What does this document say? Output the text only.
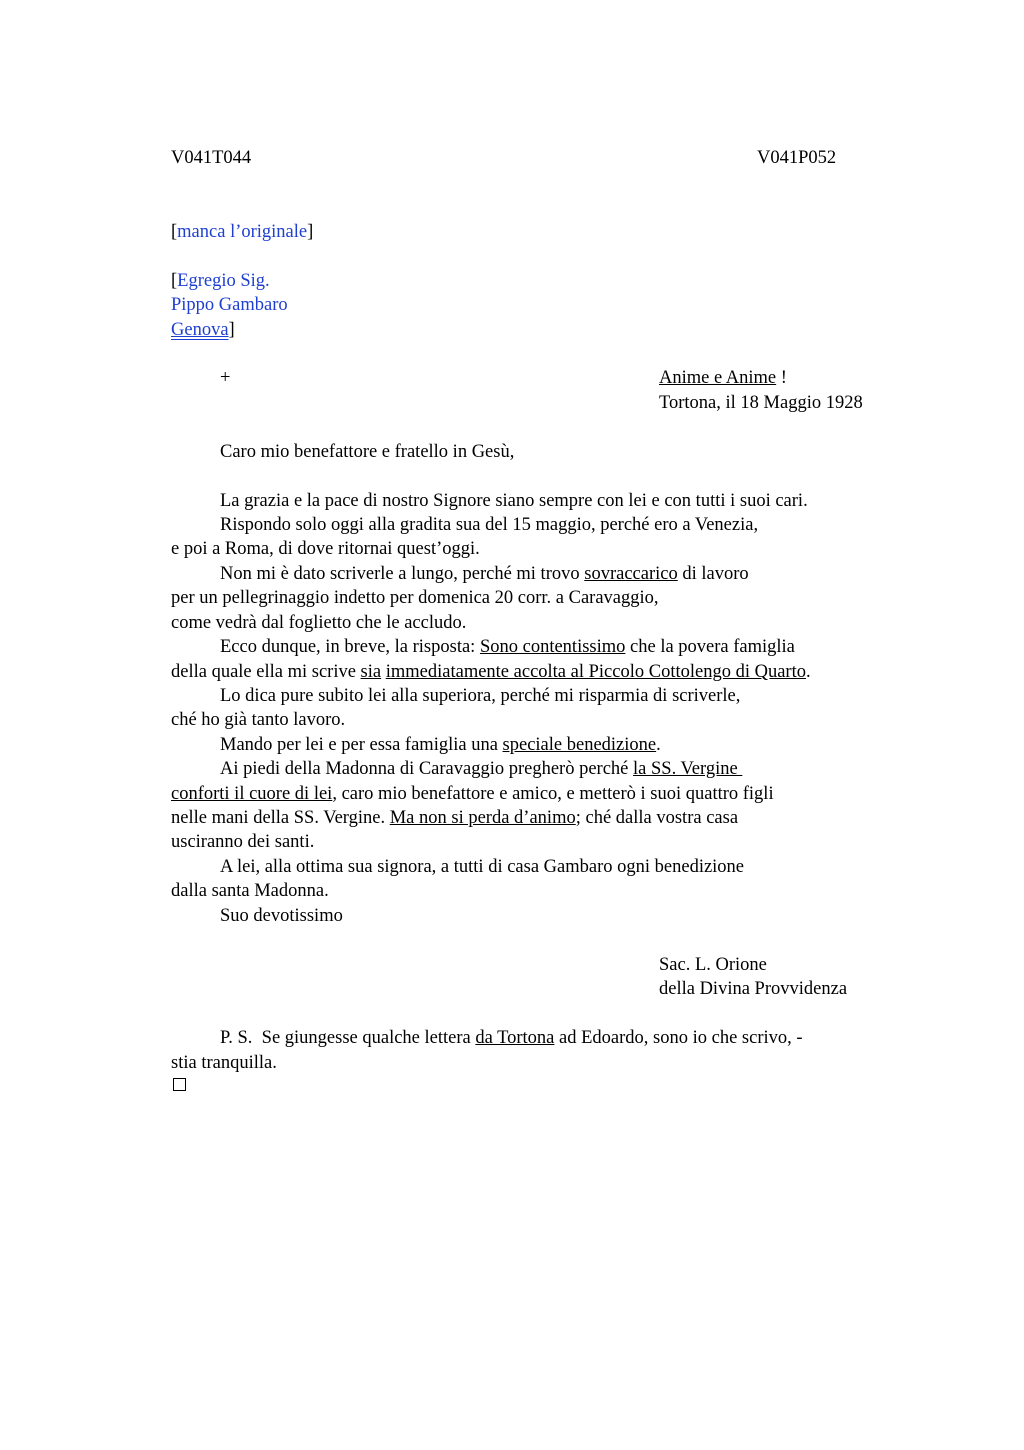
V041T044	V041P052
[manca l’originale]
[Egregio Sig.
Pippo Gambaro
Genova]
+	Anime e Anime !
Tortona, il 18 Maggio 1928
Caro mio benefattore e fratello in Gesù,
La grazia e la pace di nostro Signore siano sempre con lei e con tutti i suoi cari.
Rispondo solo oggi alla gradita sua del 15 maggio, perché ero a Venezia,
e poi a Roma, di dove ritornai quest’oggi.
Non mi è dato scriverle a lungo, perché mi trovo sovraccarico di lavoro
per un pellegrinaggio indetto per domenica 20 corr. a Caravaggio,
come vedrà dal foglietto che le accludo.
Ecco dunque, in breve, la risposta: Sono contentissimo che la povera famiglia
della quale ella mi scrive sia immediatamente accolta al Piccolo Cottolengo di Quarto.
Lo dica pure subito lei alla superiora, perché mi risparmia di scriverle,
ché ho già tanto lavoro.
Mando per lei e per essa famiglia una speciale benedizione.
Ai piedi della Madonna di Caravaggio pregherò perché la SS. Vergine
conforti il cuore di lei, caro mio benefattore e amico, e metterò i suoi quattro figli
nelle mani della SS. Vergine. Ma non si perda d’animo; ché dalla vostra casa
usciranno dei santi.
A lei, alla ottima sua signora, a tutti di casa Gambaro ogni benedizione
dalla santa Madonna.
Suo devotissimo
Sac. L. Orione
della Divina Provvidenza
P. S.  Se giungesse qualche lettera da Tortona ad Edoardo, sono io che scrivo, -
stia tranquilla.
